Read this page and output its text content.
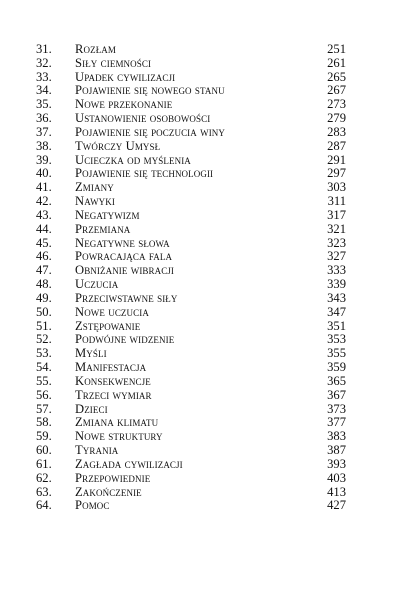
31. Rozłam	251
32. Siły ciemności	261
33. Upadek cywilizacji	265
34. Pojawienie się nowego stanu	267
35. Nowe przekonanie	273
36. Ustanowienie osobowości	279
37. Pojawienie się poczucia winy	283
38. Twórczy Umysł	287
39. Ucieczka od myślenia	291
40. Pojawienie się technologii	297
41. Zmiany	303
42. Nawyki	311
43. Negatywizm	317
44. Przemiana	321
45. Negatywne słowa	323
46. Powracająca fala	327
47. Obniżanie wibracji	333
48. Uczucia	339
49. Przeciwstawne siły	343
50. Nowe uczucia	347
51. Zstępowanie	351
52. Podwójne widzenie	353
53. Myśli	355
54. Manifestacja	359
55. Konsekwencje	365
56. Trzeci wymiar	367
57. Dzieci	373
58. Zmiana klimatu	377
59. Nowe struktury	383
60. Tyrania	387
61. Zagłada cywilizacji	393
62. Przepowiednie	403
63. Zakończenie	413
64. Pomoc	427
